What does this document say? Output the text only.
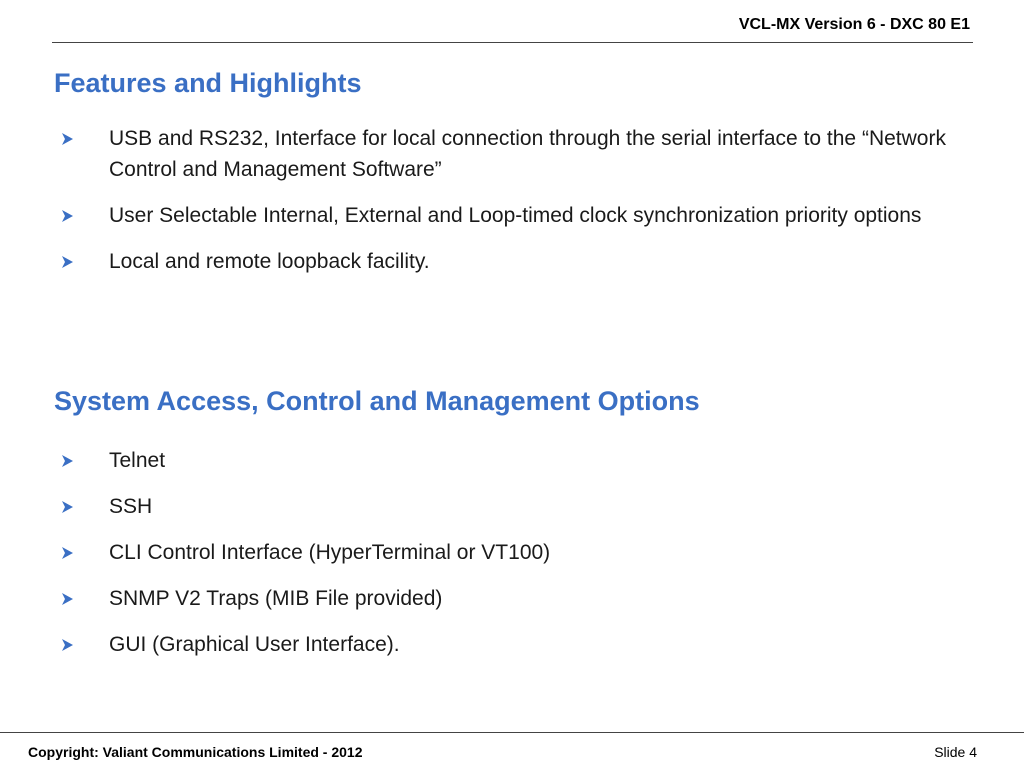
VCL-MX Version 6 - DXC 80 E1
Features and Highlights
USB and RS232, Interface for local connection through the serial interface to the “Network Control and Management Software”
User Selectable Internal, External and Loop-timed clock synchronization priority options
Local and remote loopback facility.
System Access, Control and Management Options
Telnet
SSH
CLI Control Interface (HyperTerminal or VT100)
SNMP V2 Traps (MIB File provided)
GUI (Graphical User Interface).
Copyright: Valiant Communications Limited - 2012	Slide 4
